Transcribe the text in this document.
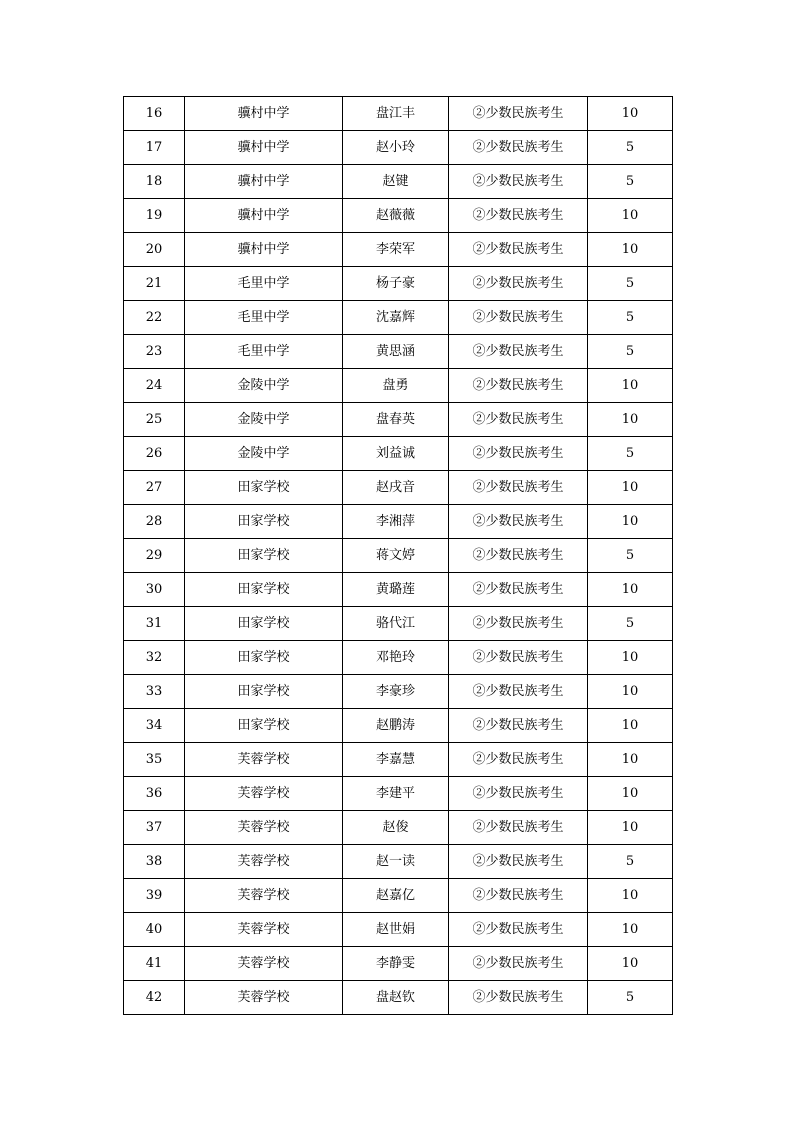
16	骥村中学	盘江丰	②少数民族考生	10
17	骥村中学	赵小玲	②少数民族考生	5
18	骥村中学	赵键	②少数民族考生	5
19	骥村中学	赵薇薇	②少数民族考生	10
20	骥村中学	李荣军	②少数民族考生	10
21	毛里中学	杨子豪	②少数民族考生	5
22	毛里中学	沈嘉辉	②少数民族考生	5
23	毛里中学	黄思涵	②少数民族考生	5
24	金陵中学	盘勇	②少数民族考生	10
25	金陵中学	盘春英	②少数民族考生	10
26	金陵中学	刘益诚	②少数民族考生	5
27	田家学校	赵戌音	②少数民族考生	10
28	田家学校	李湘萍	②少数民族考生	10
29	田家学校	蒋文婷	②少数民族考生	5
30	田家学校	黄璐莲	②少数民族考生	10
31	田家学校	骆代江	②少数民族考生	5
32	田家学校	邓艳玲	②少数民族考生	10
33	田家学校	李豪珍	②少数民族考生	10
34	田家学校	赵鹏涛	②少数民族考生	10
35	芙蓉学校	李嘉慧	②少数民族考生	10
36	芙蓉学校	李建平	②少数民族考生	10
37	芙蓉学校	赵俊	②少数民族考生	10
38	芙蓉学校	赵一读	②少数民族考生	5
39	芙蓉学校	赵嘉亿	②少数民族考生	10
40	芙蓉学校	赵世娟	②少数民族考生	10
41	芙蓉学校	李静雯	②少数民族考生	10
42	芙蓉学校	盘赵钦	②少数民族考生	5
